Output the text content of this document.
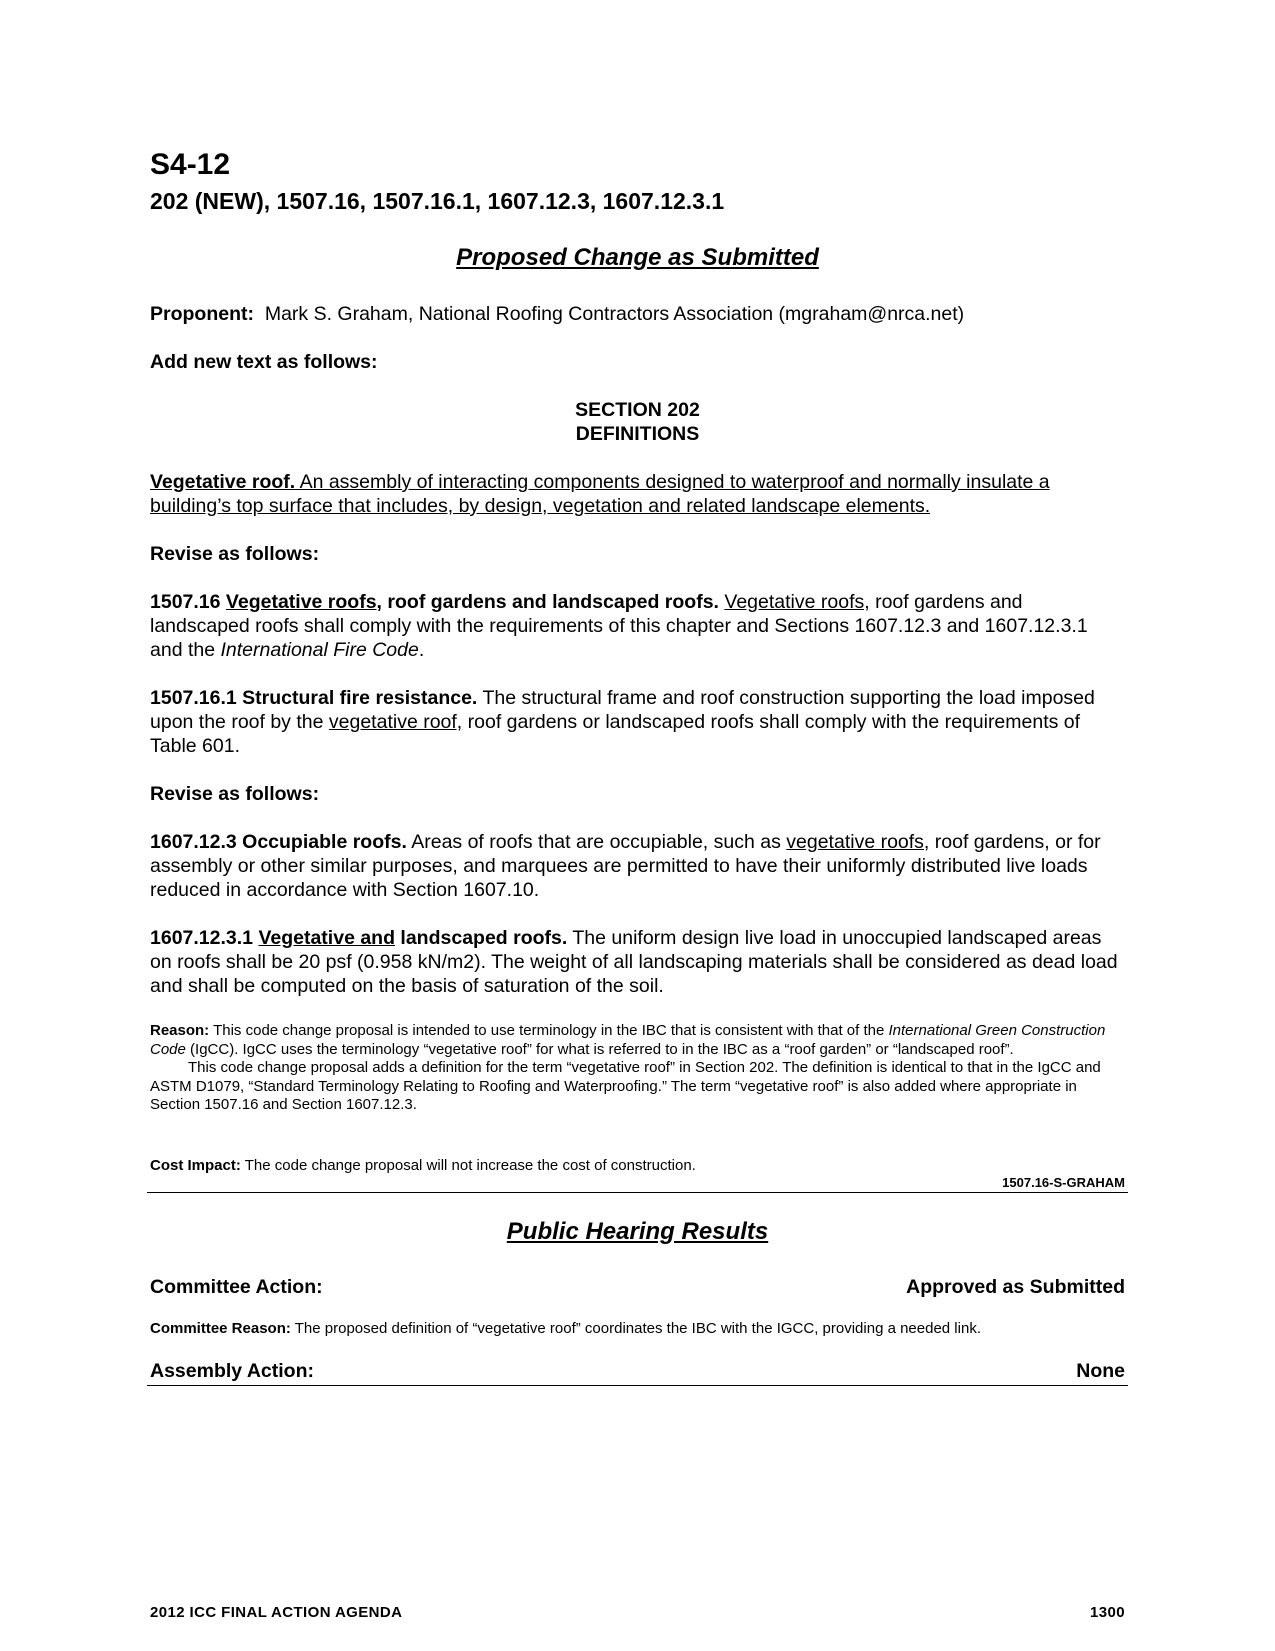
S4-12
202 (NEW), 1507.16, 1507.16.1, 1607.12.3, 1607.12.3.1
Proposed Change as Submitted
Proponent: Mark S. Graham, National Roofing Contractors Association (mgraham@nrca.net)
Add new text as follows:
SECTION 202
DEFINITIONS
Vegetative roof. An assembly of interacting components designed to waterproof and normally insulate a building’s top surface that includes, by design, vegetation and related landscape elements.
Revise as follows:
1507.16 Vegetative roofs, roof gardens and landscaped roofs. Vegetative roofs, roof gardens and landscaped roofs shall comply with the requirements of this chapter and Sections 1607.12.3 and 1607.12.3.1 and the International Fire Code.
1507.16.1 Structural fire resistance. The structural frame and roof construction supporting the load imposed upon the roof by the vegetative roof, roof gardens or landscaped roofs shall comply with the requirements of Table 601.
Revise as follows:
1607.12.3 Occupiable roofs. Areas of roofs that are occupiable, such as vegetative roofs, roof gardens, or for assembly or other similar purposes, and marquees are permitted to have their uniformly distributed live loads reduced in accordance with Section 1607.10.
1607.12.3.1 Vegetative and landscaped roofs. The uniform design live load in unoccupied landscaped areas on roofs shall be 20 psf (0.958 kN/m2). The weight of all landscaping materials shall be considered as dead load and shall be computed on the basis of saturation of the soil.

Reason: This code change proposal is intended to use terminology in the IBC that is consistent with that of the International Green Construction Code (IgCC). IgCC uses the terminology “vegetative roof” for what is referred to in the IBC as a “roof garden” or “landscaped roof”.

This code change proposal adds a definition for the term “vegetative roof” in Section 202. The definition is identical to that in the IgCC and ASTM D1079, “Standard Terminology Relating to Roofing and Waterproofing.” The term “vegetative roof” is also added where appropriate in Section 1507.16 and Section 1607.12.3.

Cost Impact: The code change proposal will not increase the cost of construction.
1507.16-S-GRAHAM
Public Hearing Results
Committee Action:	Approved as Submitted
Committee Reason: The proposed definition of “vegetative roof” coordinates the IBC with the IGCC, providing a needed link.
Assembly Action:	None
2012 ICC FINAL ACTION AGENDA	1300
